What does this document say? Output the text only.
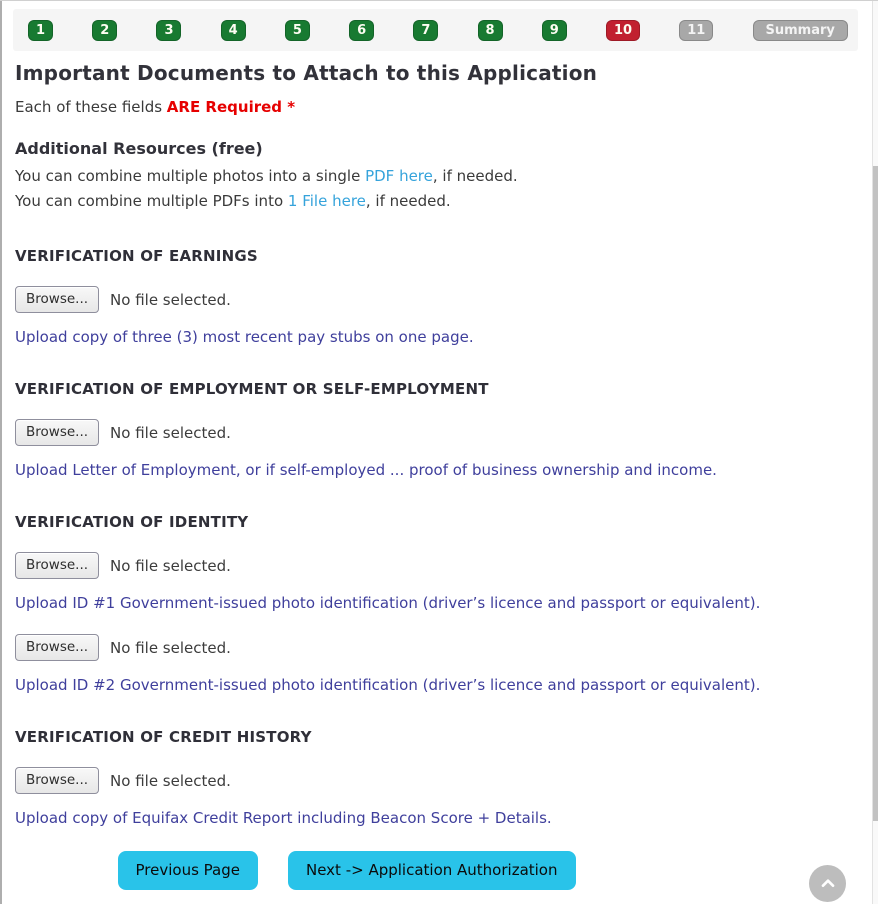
1	2	3	4	5	6	7	8	9	10	11	Summary
Important Documents to Attach to this Application

Each of these fields ARE Required *

Additional Resources (free)

You can combine multiple photos into a single PDF here, if needed.

You can combine multiple PDFs into 1 File here, if needed.

VERIFICATION OF EARNINGS
Browse...	No file selected.

Upload copy of three (3) most recent pay stubs on one page.

VERIFICATION OF EMPLOYMENT OR SELF-EMPLOYMENT
Browse...	No file selected.

Upload Letter of Employment, or if self-employed ... proof of business ownership and income.

VERIFICATION OF IDENTITY
Browse...	No file selected.

Upload ID #1 Government-issued photo identification (driver’s licence and passport or equivalent).

Browse...	No file selected.

Upload ID #2 Government-issued photo identification (driver’s licence and passport or equivalent).

VERIFICATION OF CREDIT HISTORY
Browse...	No file selected.

Upload copy of Equifax Credit Report including Beacon Score + Details.

Previous Page	Next -> Application Authorization
